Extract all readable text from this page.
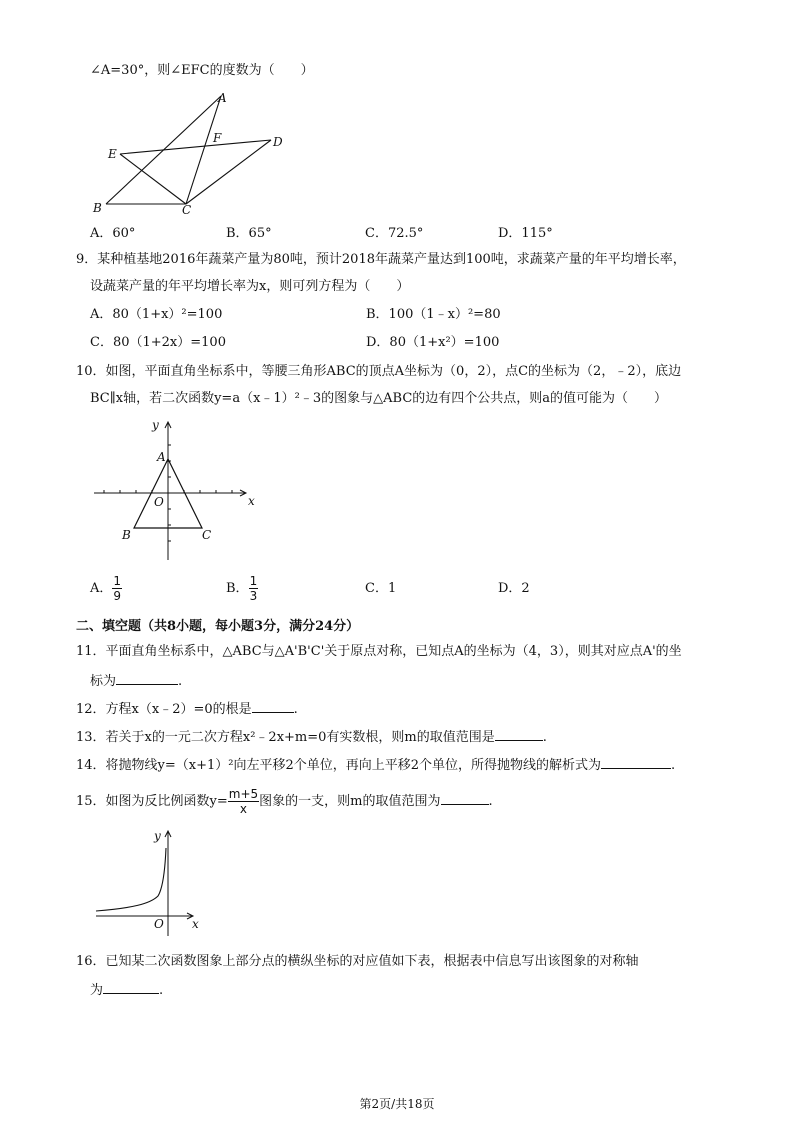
∠A=30°，则∠EFC的度数为（　　）
A
F	D
E
B	C
A．60°	B．65°	C．72.5°	D．115°
9．某种植基地2016年蔬菜产量为80吨，预计2018年蔬菜产量达到100吨，求蔬菜产量的年平均增长率，
设蔬菜产量的年平均增长率为x，则可列方程为（　　）
A．80（1+x）²=100	B．100（1﹣x）²=80
C．80（1+2x）=100	D．80（1+x²）=100
10．如图，平面直角坐标系中，等腰三角形ABC的顶点A坐标为（0，2），点C的坐标为（2，﹣2），底边
BC∥x轴，若二次函数y=a（x﹣1）²﹣3的图象与△ABC的边有四个公共点，则a的值可能为（　　）
y
x
A
O
B	C
A． $\frac{1}{9}$	B． $\frac{1}{3}$	C．1	D．2
二、填空题（共8小题，每小题3分，满分24分）
11．平面直角坐标系中，△ABC与△A'B'C'关于原点对称，已知点A的坐标为（4，3），则其对应点A'的坐
标为	.
12．方程x（x﹣2）=0的根是	.
13．若关于x的一元二次方程x²﹣2x+m=0有实数根，则m的取值范围是	.
14．将抛物线y=（x+1）²向左平移2个单位，再向上平移2个单位，所得抛物线的解析式为	.
15．如图为反比例函数$y= \frac{m+5}{x}$ 图象的一支，则m的取值范围为	.
y
O x
16．已知某二次函数图象上部分点的横纵坐标的对应值如下表，根据表中信息写出该图象的对称轴
为	.
第2页/共18页
